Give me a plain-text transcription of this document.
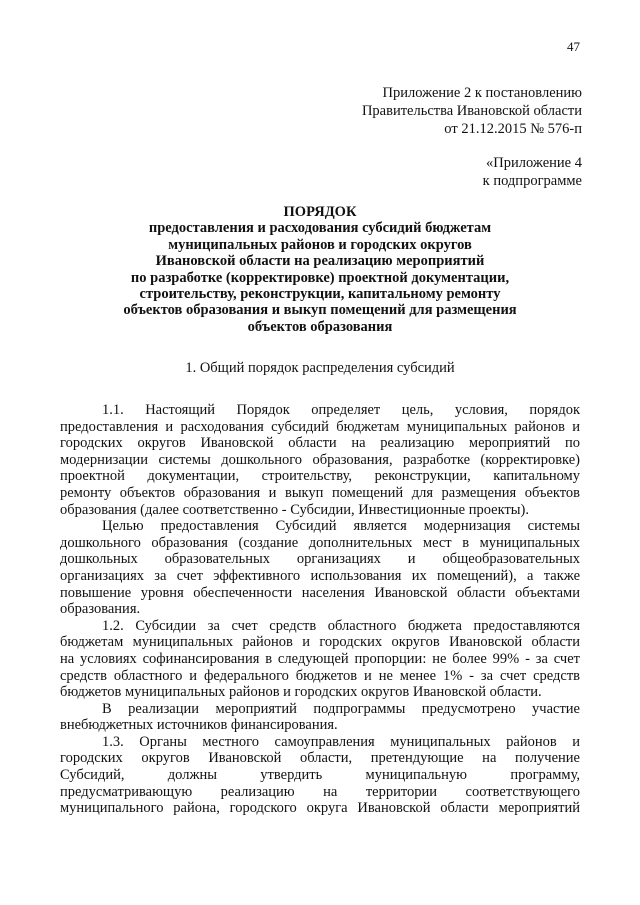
47
Приложение 2 к постановлению
Правительства Ивановской области
от 21.12.2015 № 576-п
«Приложение 4
к подпрограмме
ПОРЯДОК
предоставления и расходования субсидий бюджетам
муниципальных районов и городских округов
Ивановской области на реализацию мероприятий
по разработке (корректировке) проектной документации,
строительству, реконструкции, капитальному ремонту
объектов образования и выкуп помещений для размещения
объектов образования
1. Общий порядок распределения субсидий
1.1. Настоящий Порядок определяет цель, условия, порядок
предоставления и расходования субсидий бюджетам муниципальных районов и
городских округов Ивановской области на реализацию мероприятий по
модернизации системы дошкольного образования, разработке (корректировке)
проектной документации, строительству, реконструкции, капитальному
ремонту объектов образования и выкуп помещений для размещения объектов
образования (далее соответственно - Субсидии, Инвестиционные проекты).
Целью предоставления Субсидий является модернизация системы
дошкольного образования (создание дополнительных мест в муниципальных
дошкольных образовательных организациях и общеобразовательных
организациях за счет эффективного использования их помещений), а также
повышение уровня обеспеченности населения Ивановской области объектами
образования.
1.2. Субсидии за счет средств областного бюджета предоставляются
бюджетам муниципальных районов и городских округов Ивановской области
на условиях софинансирования в следующей пропорции: не более 99% - за счет
средств областного и федерального бюджетов и не менее 1% - за счет средств
бюджетов муниципальных районов и городских округов Ивановской области.
В реализации мероприятий подпрограммы предусмотрено участие
внебюджетных источников финансирования.
1.3. Органы местного самоуправления муниципальных районов и
городских округов Ивановской области, претендующие на получение
Субсидий, должны утвердить муниципальную программу,
предусматривающую реализацию на территории соответствующего
муниципального района, городского округа Ивановской области мероприятий
